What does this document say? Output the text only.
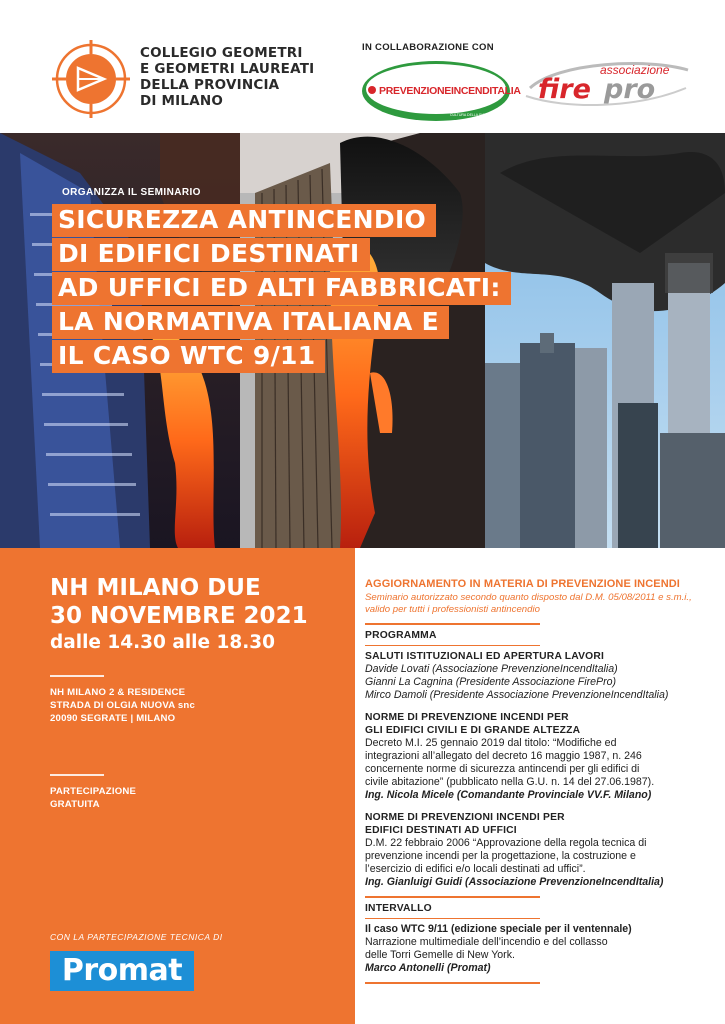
COLLEGIO GEOMETRI
E GEOMETRI LAUREATI
DELLA PROVINCIA
DI MILANO
IN COLLABORAZIONE CON
PREVENZIONEINCENDITALIA
CULTURA DELLA SICUREZZA ANTINCENDIO
associazione
fire pro
ORGANIZZA IL SEMINARIO
SICUREZZA ANTINCENDIO
DI EDIFICI DESTINATI
AD UFFICI ED ALTI FABBRICATI:
LA NORMATIVA ITALIANA E
IL CASO WTC 9/11
NH MILANO DUE
30 NOVEMBRE 2021
dalle 14.30 alle 18.30
NH MILANO 2 & RESIDENCE
STRADA DI OLGIA NUOVA snc
20090 SEGRATE | MILANO
PARTECIPAZIONE
GRATUITA
CON LA PARTECIPAZIONE TECNICA DI
Promat
AGGIORNAMENTO IN MATERIA DI PREVENZIONE INCENDI
Seminario autorizzato secondo quanto disposto dal D.M. 05/08/2011 e s.m.i.,
valido per tutti i professionisti antincendio
PROGRAMMA
SALUTI ISTITUZIONALI ED APERTURA LAVORI
Davide Lovati (Associazione PrevenzioneIncendItalia)
Gianni La Cagnina (Presidente Associazione FirePro)
Mirco Damoli (Presidente Associazione PrevenzioneIncendItalia)
NORME DI PREVENZIONE INCENDI PER
GLI EDIFICI CIVILI E DI GRANDE ALTEZZA
Decreto M.I. 25 gennaio 2019 dal titolo: “Modifiche ed
integrazioni all’allegato del decreto 16 maggio 1987, n. 246
concernente norme di sicurezza antincendi per gli edifici di
civile abitazione” (pubblicato nella G.U. n. 14 del 27.06.1987).
Ing. Nicola Micele (Comandante Provinciale VV.F. Milano)
NORME DI PREVENZIONI INCENDI PER
EDIFICI DESTINATI AD UFFICI
D.M. 22 febbraio 2006 “Approvazione della regola tecnica di
prevenzione incendi per la progettazione, la costruzione e
l’esercizio di edifici e/o locali destinati ad uffici”.
Ing. Gianluigi Guidi (Associazione PrevenzioneIncendItalia)
INTERVALLO
Il caso WTC 9/11 (edizione speciale per il ventennale)
Narrazione multimediale dell’incendio e del collasso
delle Torri Gemelle di New York.
Marco Antonelli (Promat)
